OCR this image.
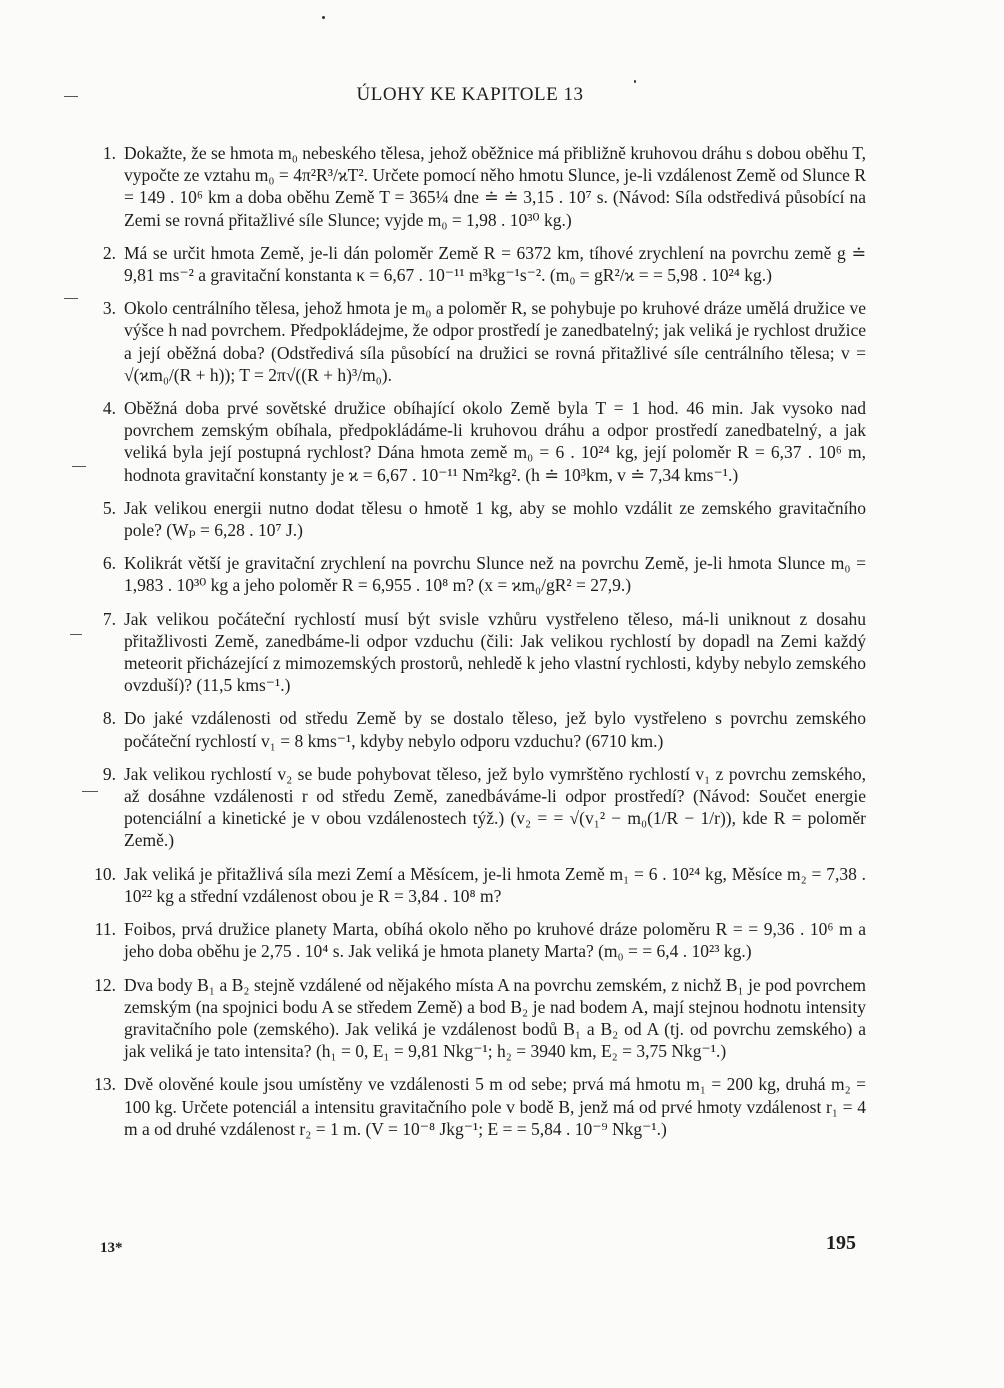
ÚLOHY KE KAPITOLE 13
1. Dokažte, že se hmota m₀ nebeského tělesa, jehož oběžnice má přibližně kruhovou dráhu s dobou oběhu T, vypočte ze vztahu m₀ = 4π²R³/ϰT². Určete pomocí něho hmotu Slunce, je-li vzdálenost Země od Slunce R = 149 . 10⁶ km a doba oběhu Země T = 365¼ dne ≐ ≐ 3,15 . 10⁷ s. (Návod: Síla odstředivá působící na Zemi se rovná přitažlivé síle Slunce; vyjde m₀ = 1,98 . 10³⁰ kg.)
2. Má se určit hmota Země, je-li dán poloměr Země R = 6372 km, tíhové zrychlení na povrchu země g ≐ 9,81 ms⁻² a gravitační konstanta κ = 6,67 . 10⁻¹¹ m³kg⁻¹s⁻². (m₀ = gR²/ϰ = = 5,98 . 10²⁴ kg.)
3. Okolo centrálního tělesa, jehož hmota je m₀ a poloměr R, se pohybuje po kruhové dráze umělá družice ve výšce h nad povrchem. Předpokládejme, že odpor prostředí je zanedbatelný; jak veliká je rychlost družice a její oběžná doba? (Odstředivá síla působící na družici se rovná přitažlivé síle centrálního tělesa; v = √(ϰm₀/(R + h)); T = 2π√((R + h)³/m₀).
4. Oběžná doba prvé sovětské družice obíhající okolo Země byla T = 1 hod. 46 min. Jak vysoko nad povrchem zemským obíhala, předpokládáme-li kruhovou dráhu a odpor prostředí zanedbatelný, a jak veliká byla její postupná rychlost? Dána hmota země m₀ = 6 . 10²⁴ kg, její poloměr R = 6,37 . 10⁶ m, hodnota gravitační konstanty je ϰ = 6,67 . 10⁻¹¹ Nm²kg². (h ≐ 10³km, v ≐ 7,34 kms⁻¹.)
5. Jak velikou energii nutno dodat tělesu o hmotě 1 kg, aby se mohlo vzdálit ze zemského gravitačního pole? (Wₚ = 6,28 . 10⁷ J.)
6. Kolikrát větší je gravitační zrychlení na povrchu Slunce než na povrchu Země, je-li hmota Slunce m₀ = 1,983 . 10³⁰ kg a jeho poloměr R = 6,955 . 10⁸ m? (x = ϰm₀/gR² = 27,9.)
7. Jak velikou počáteční rychlostí musí být svisle vzhůru vystřeleno těleso, má-li uniknout z dosahu přitažlivosti Země, zanedbáme-li odpor vzduchu (čili: Jak velikou rychlostí by dopadl na Zemi každý meteorit přicházející z mimozemských prostorů, nehledě k jeho vlastní rychlosti, kdyby nebylo zemského ovzduší)? (11,5 kms⁻¹.)
8. Do jaké vzdálenosti od středu Země by se dostalo těleso, jež bylo vystřeleno s povrchu zemského počáteční rychlostí v₁ = 8 kms⁻¹, kdyby nebylo odporu vzduchu? (6710 km.)
9. Jak velikou rychlostí v₂ se bude pohybovat těleso, jež bylo vymrštěno rychlostí v₁ z povrchu zemského, až dosáhne vzdálenosti r od středu Země, zanedbáváme-li odpor prostředí? (Návod: Součet energie potenciální a kinetické je v obou vzdálenostech týž.) (v₂ = = √(v₁² − m₀(1/R − 1/r)), kde R = poloměr Země.)
10. Jak veliká je přitažlivá síla mezi Zemí a Měsícem, je-li hmota Země m₁ = 6 . 10²⁴ kg, Měsíce m₂ = 7,38 . 10²² kg a střední vzdálenost obou je R = 3,84 . 10⁸ m?
11. Foibos, prvá družice planety Marta, obíhá okolo něho po kruhové dráze poloměru R = = 9,36 . 10⁶ m a jeho doba oběhu je 2,75 . 10⁴ s. Jak veliká je hmota planety Marta? (m₀ = = 6,4 . 10²³ kg.)
12. Dva body B₁ a B₂ stejně vzdálené od nějakého místa A na povrchu zemském, z nichž B₁ je pod povrchem zemským (na spojnici bodu A se středem Země) a bod B₂ je nad bodem A, mají stejnou hodnotu intensity gravitačního pole (zemského). Jak veliká je vzdálenost bodů B₁ a B₂ od A (tj. od povrchu zemského) a jak veliká je tato intensita? (h₁ = 0, E₁ = 9,81 Nkg⁻¹; h₂ = 3940 km, E₂ = 3,75 Nkg⁻¹.)
13. Dvě olověné koule jsou umístěny ve vzdálenosti 5 m od sebe; prvá má hmotu m₁ = 200 kg, druhá m₂ = 100 kg. Určete potenciál a intensitu gravitačního pole v bodě B, jenž má od prvé hmoty vzdálenost r₁ = 4 m a od druhé vzdálenost r₂ = 1 m. (V = 10⁻⁸ Jkg⁻¹; E = = 5,84 . 10⁻⁹ Nkg⁻¹.)
13*	195
